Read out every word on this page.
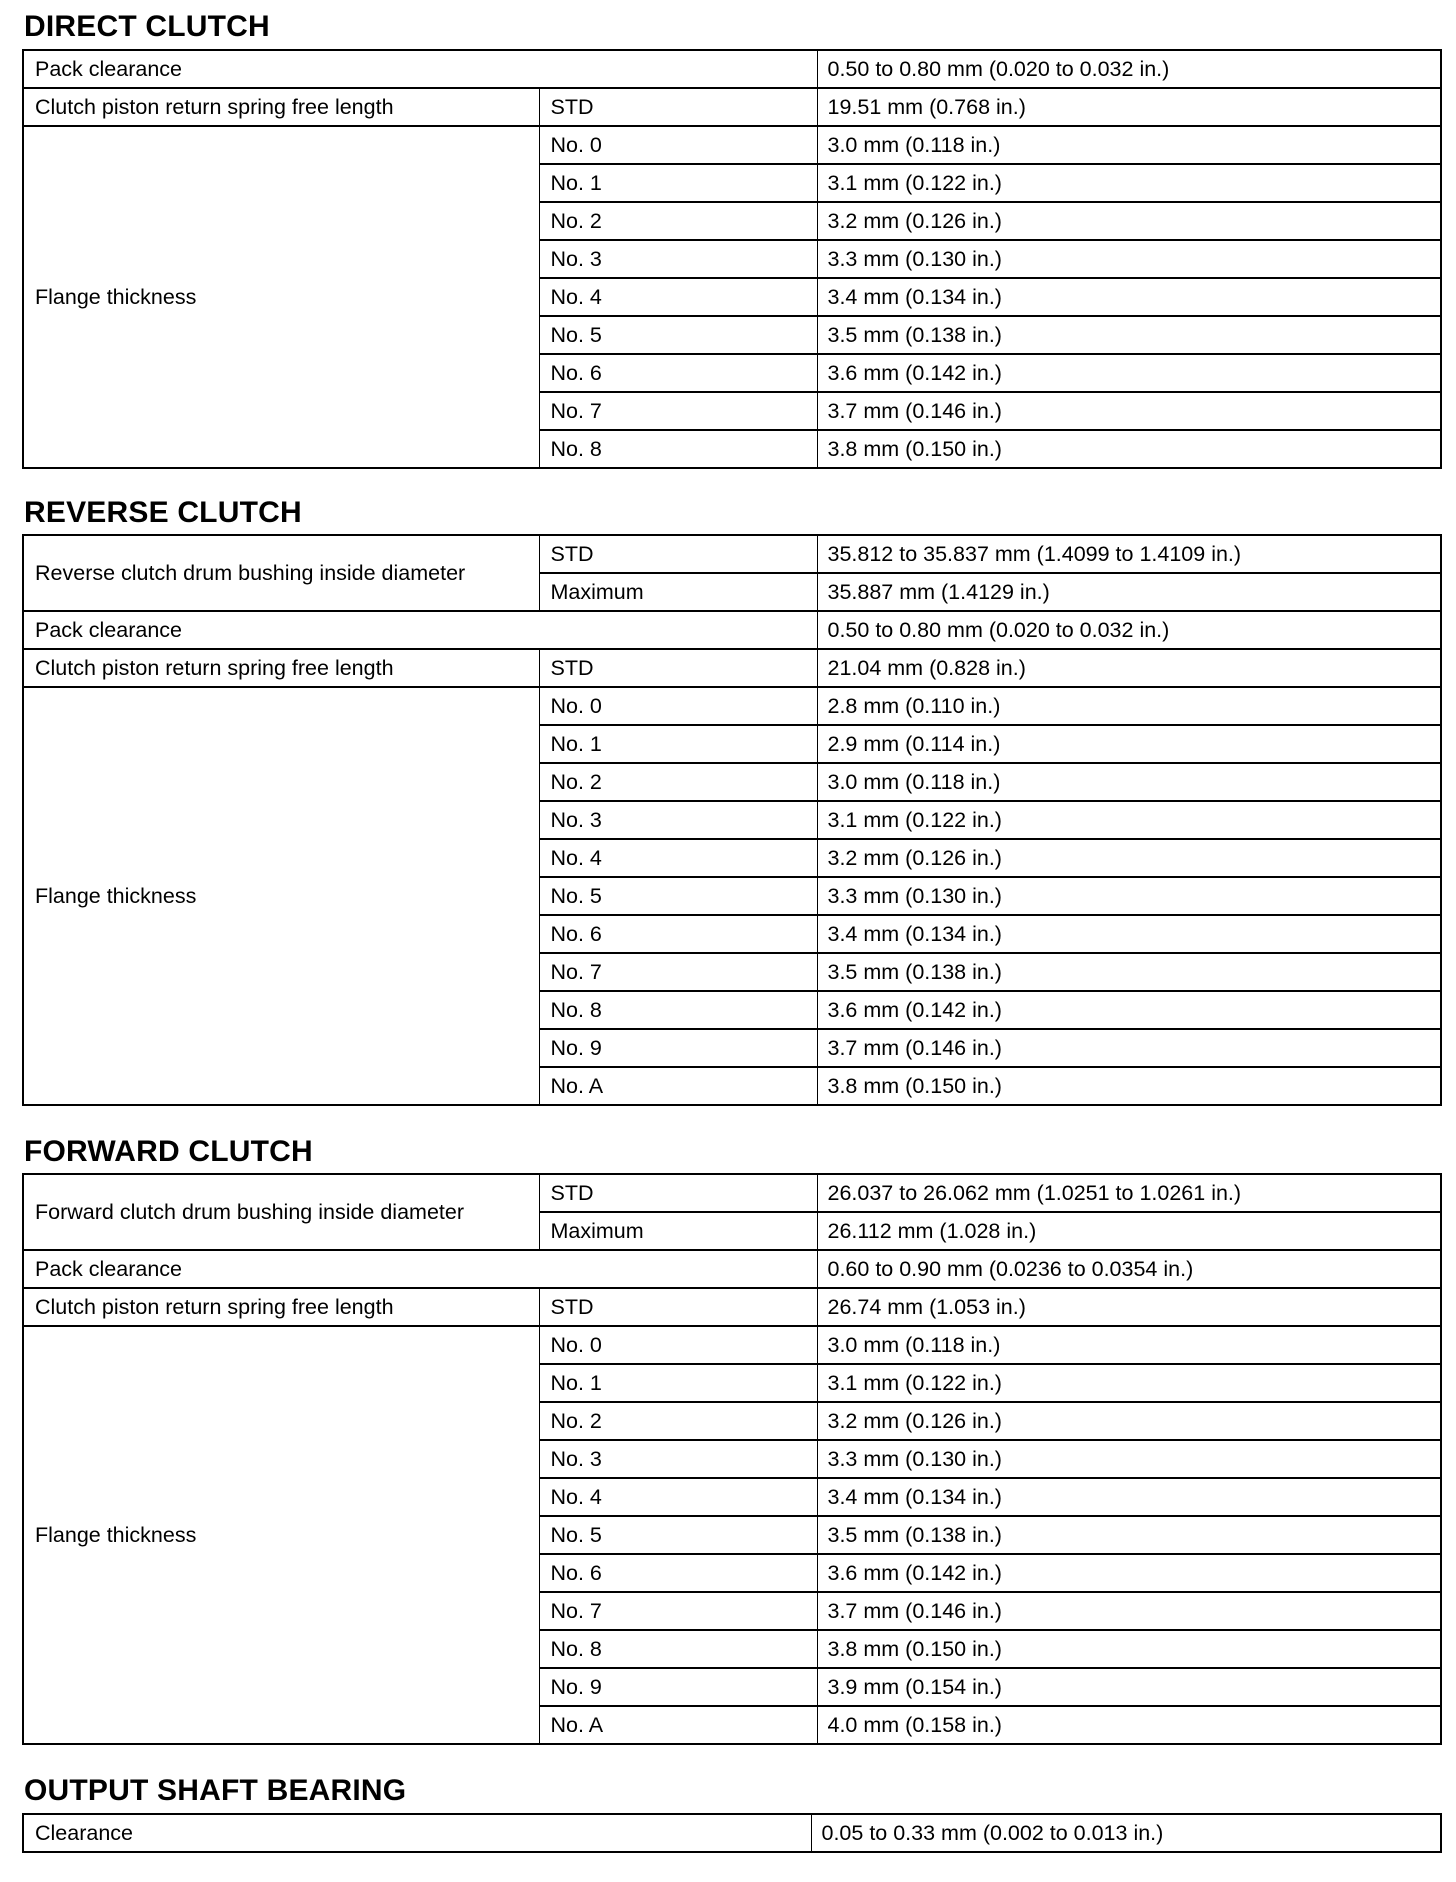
DIRECT CLUTCH
Pack clearance		0.50 to 0.80 mm (0.020 to 0.032 in.)
Clutch piston return spring free length	STD	19.51 mm (0.768 in.)
Flange thickness	No. 0	3.0 mm (0.118 in.)
	No. 1	3.1 mm (0.122 in.)
	No. 2	3.2 mm (0.126 in.)
	No. 3	3.3 mm (0.130 in.)
	No. 4	3.4 mm (0.134 in.)
	No. 5	3.5 mm (0.138 in.)
	No. 6	3.6 mm (0.142 in.)
	No. 7	3.7 mm (0.146 in.)
	No. 8	3.8 mm (0.150 in.)
REVERSE CLUTCH
Reverse clutch drum bushing inside diameter	STD	35.812 to 35.837 mm (1.4099 to 1.4109 in.)
	Maximum	35.887 mm (1.4129 in.)
Pack clearance		0.50 to 0.80 mm (0.020 to 0.032 in.)
Clutch piston return spring free length	STD	21.04 mm (0.828 in.)
Flange thickness	No. 0	2.8 mm (0.110 in.)
	No. 1	2.9 mm (0.114 in.)
	No. 2	3.0 mm (0.118 in.)
	No. 3	3.1 mm (0.122 in.)
	No. 4	3.2 mm (0.126 in.)
	No. 5	3.3 mm (0.130 in.)
	No. 6	3.4 mm (0.134 in.)
	No. 7	3.5 mm (0.138 in.)
	No. 8	3.6 mm (0.142 in.)
	No. 9	3.7 mm (0.146 in.)
	No. A	3.8 mm (0.150 in.)
FORWARD CLUTCH
Forward clutch drum bushing inside diameter	STD	26.037 to 26.062 mm (1.0251 to 1.0261 in.)
	Maximum	26.112 mm (1.028 in.)
Pack clearance		0.60 to 0.90 mm (0.0236 to 0.0354 in.)
Clutch piston return spring free length	STD	26.74 mm (1.053 in.)
Flange thickness	No. 0	3.0 mm (0.118 in.)
	No. 1	3.1 mm (0.122 in.)
	No. 2	3.2 mm (0.126 in.)
	No. 3	3.3 mm (0.130 in.)
	No. 4	3.4 mm (0.134 in.)
	No. 5	3.5 mm (0.138 in.)
	No. 6	3.6 mm (0.142 in.)
	No. 7	3.7 mm (0.146 in.)
	No. 8	3.8 mm (0.150 in.)
	No. 9	3.9 mm (0.154 in.)
	No. A	4.0 mm (0.158 in.)
OUTPUT SHAFT BEARING
Clearance	0.05 to 0.33 mm (0.002 to 0.013 in.)
